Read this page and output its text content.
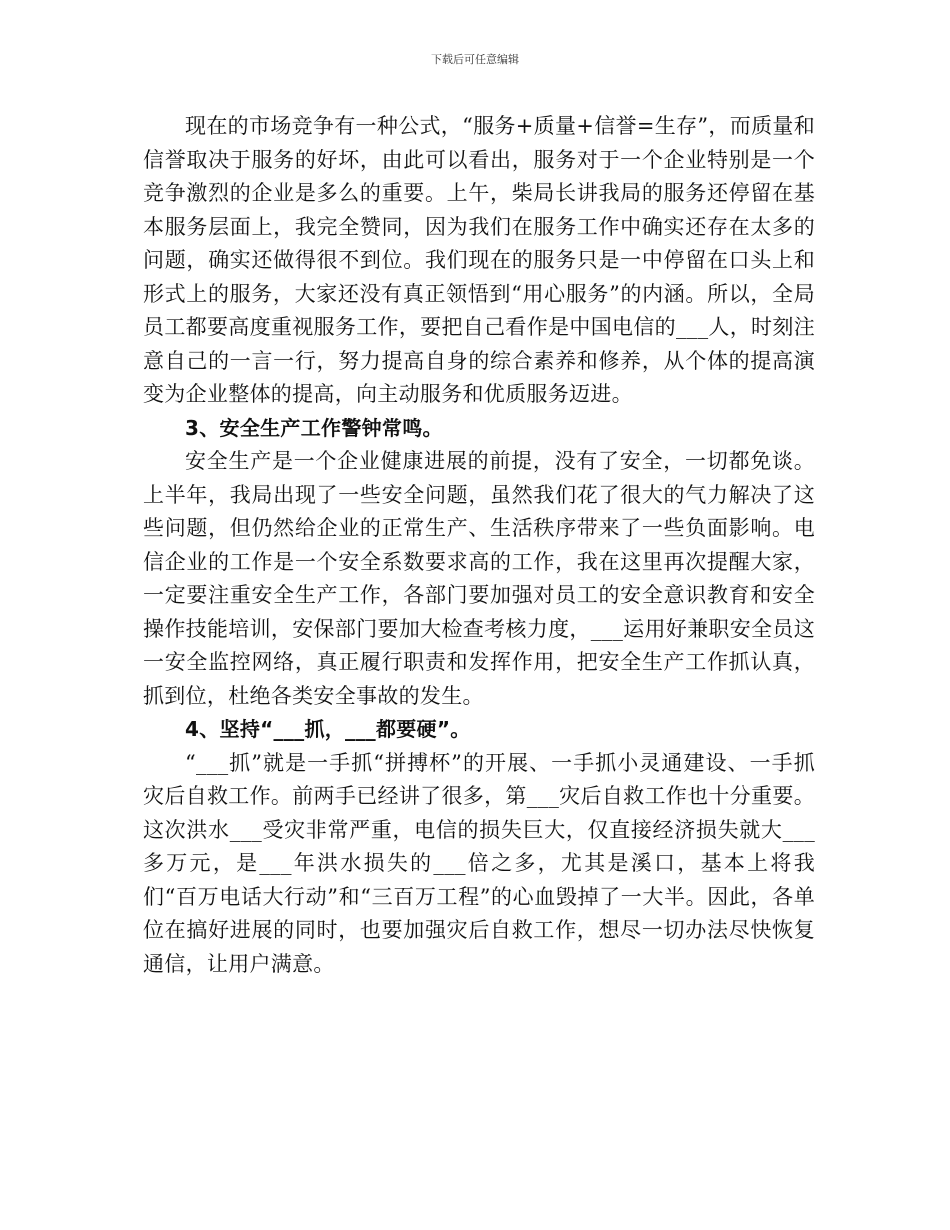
下载后可任意编辑

现在的市场竞争有一种公式，“服务+质量+信誉=生存”，而质量和信誉取决于服务的好坏，由此可以看出，服务对于一个企业特别是一个竞争激烈的企业是多么的重要。上午，柴局长讲我局的服务还停留在基本服务层面上，我完全赞同，因为我们在服务工作中确实还存在太多的问题，确实还做得很不到位。我们现在的服务只是一中停留在口头上和形式上的服务，大家还没有真正领悟到“用心服务”的内涵。所以，全局员工都要高度重视服务工作，要把自己看作是中国电信的___人，时刻注意自己的一言一行，努力提高自身的综合素养和修养，从个体的提高演变为企业整体的提高，向主动服务和优质服务迈进。

3、安全生产工作警钟常鸣。

安全生产是一个企业健康进展的前提，没有了安全，一切都免谈。上半年，我局出现了一些安全问题，虽然我们花了很大的气力解决了这些问题，但仍然给企业的正常生产、生活秩序带来了一些负面影响。电信企业的工作是一个安全系数要求高的工作，我在这里再次提醒大家，一定要注重安全生产工作，各部门要加强对员工的安全意识教育和安全操作技能培训，安保部门要加大检查考核力度，___运用好兼职安全员这一安全监控网络，真正履行职责和发挥作用，把安全生产工作抓认真，抓到位，杜绝各类安全事故的发生。

4、坚持“___抓，___都要硬”。

“___抓”就是一手抓“拼搏杯”的开展、一手抓小灵通建设、一手抓灾后自救工作。前两手已经讲了很多，第___灾后自救工作也十分重要。这次洪水___受灾非常严重，电信的损失巨大，仅直接经济损失就大___多万元，是___年洪水损失的___倍之多，尤其是溪口，基本上将我们“百万电话大行动”和“三百万工程”的心血毁掉了一大半。因此，各单位在搞好进展的同时，也要加强灾后自救工作，想尽一切办法尽快恢复通信，让用户满意。
